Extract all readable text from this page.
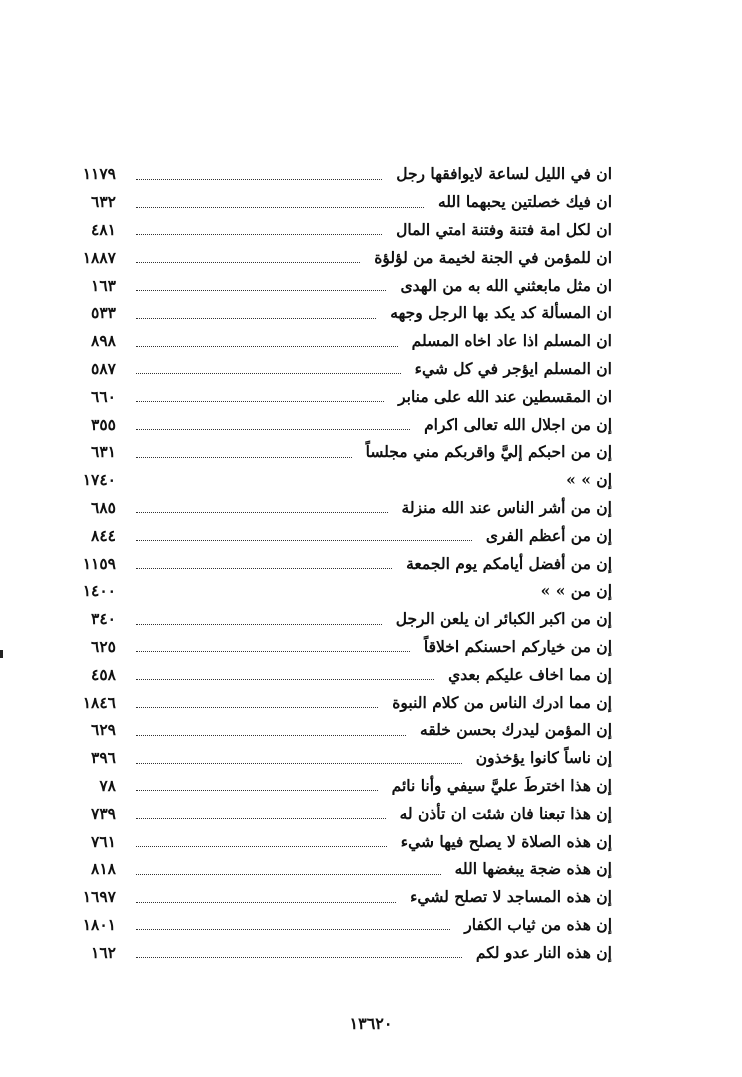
ان في الليل لساعة لايوافقها رجل
١١٧٩
ان فيك خصلتين يحبهما الله
٦٣٢
ان لكل امة فتنة وفتنة امتي المال
٤٨١
ان للمؤمن في الجنة لخيمة من لؤلؤة
١٨٨٧
ان مثل مابعثني الله به من الهدى
١٦٣
ان المسألة كد يكد بها الرجل وجهه
٥٣٣
ان المسلم اذا عاد اخاه المسلم
٨٩٨
ان المسلم ايؤجر في كل شيء
٥٨٧
ان المقسطين عند الله على منابر
٦٦٠
إن من اجلال الله تعالى اكرام
٣٥٥
إن من احبكم إليَّ واقربكم مني مجلساً
٦٣١
إن » »
١٧٤٠
إن من أشر الناس عند الله منزلة
٦٨٥
إن من أعظم الفرى
٨٤٤
إن من أفضل أيامكم يوم الجمعة
١١٥٩
إن من » »
١٤٠٠
إن من اكبر الكبائر ان يلعن الرجل
٣٤٠
إن من خياركم احسنكم اخلاقاً
٦٢٥
إن مما اخاف عليكم بعدي
٤٥٨
إن مما ادرك الناس من كلام النبوة
١٨٤٦
إن المؤمن ليدرك بحسن خلقه
٦٢٩
إن ناساً كانوا يؤخذون
٣٩٦
إن هذا اخترطَ عليَّ سيفي وأنا نائم
٧٨
إن هذا تبعنا فان شئت ان تأذن له
٧٣٩
إن هذه الصلاة لا يصلح فيها شيء
٧٦١
إن هذه ضجة يبغضها الله
٨١٨
إن هذه المساجد لا تصلح لشيء
١٦٩٧
إن هذه من ثياب الكفار
١٨٠١
إن هذه النار عدو لكم
١٦٢
١٣٦٢٠
